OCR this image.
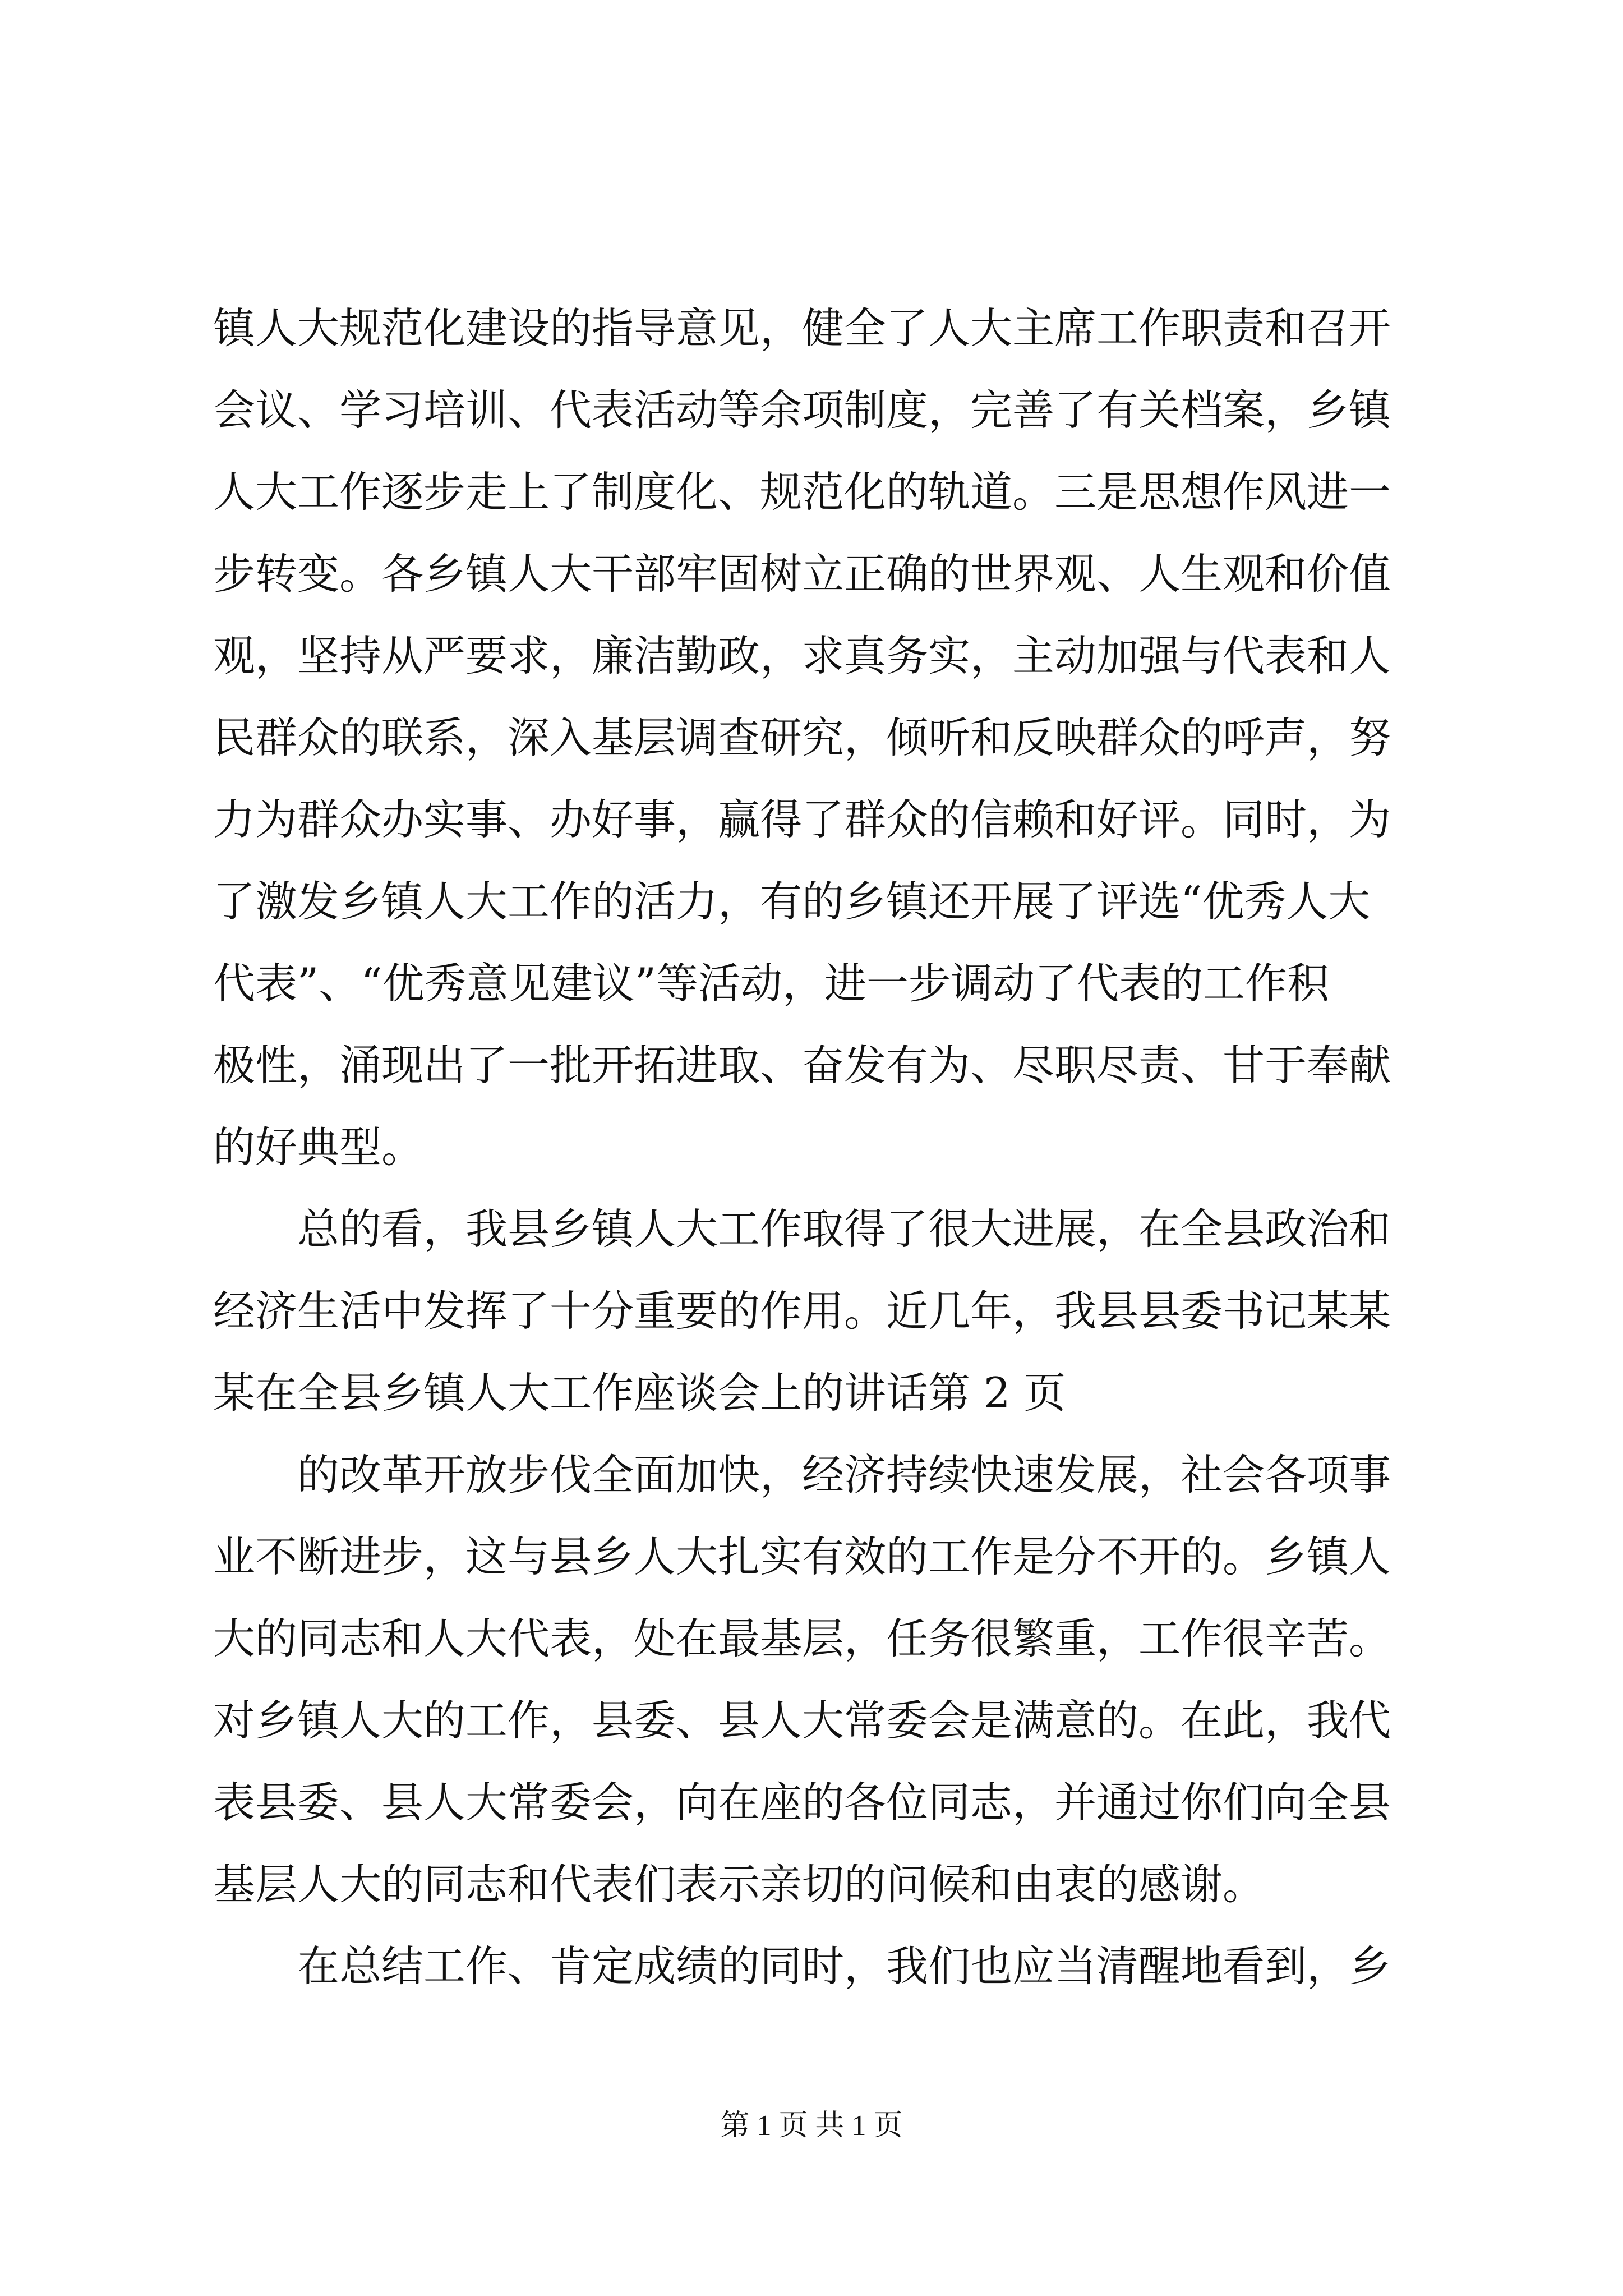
镇人大规范化建设的指导意见，健全了人大主席工作职责和召开
会议、学习培训、代表活动等余项制度，完善了有关档案，乡镇
人大工作逐步走上了制度化、规范化的轨道。三是思想作风进一
步转变。各乡镇人大干部牢固树立正确的世界观、人生观和价值
观，坚持从严要求，廉洁勤政，求真务实，主动加强与代表和人
民群众的联系，深入基层调查研究，倾听和反映群众的呼声，努
力为群众办实事、办好事，赢得了群众的信赖和好评。同时，为
了激发乡镇人大工作的活力，有的乡镇还开展了评选“优秀人大
代表”、“优秀意见建议”等活动，进一步调动了代表的工作积
极性，涌现出了一批开拓进取、奋发有为、尽职尽责、甘于奉献
的好典型。
　　总的看，我县乡镇人大工作取得了很大进展，在全县政治和
经济生活中发挥了十分重要的作用。近几年，我县县委书记某某
某在全县乡镇人大工作座谈会上的讲话第 2 页
　　的改革开放步伐全面加快，经济持续快速发展，社会各项事
业不断进步，这与县乡人大扎实有效的工作是分不开的。乡镇人
大的同志和人大代表，处在最基层，任务很繁重，工作很辛苦。
对乡镇人大的工作，县委、县人大常委会是满意的。在此，我代
表县委、县人大常委会，向在座的各位同志，并通过你们向全县
基层人大的同志和代表们表示亲切的问候和由衷的感谢。
　　在总结工作、肯定成绩的同时，我们也应当清醒地看到，乡
第 1 页 共 1 页
